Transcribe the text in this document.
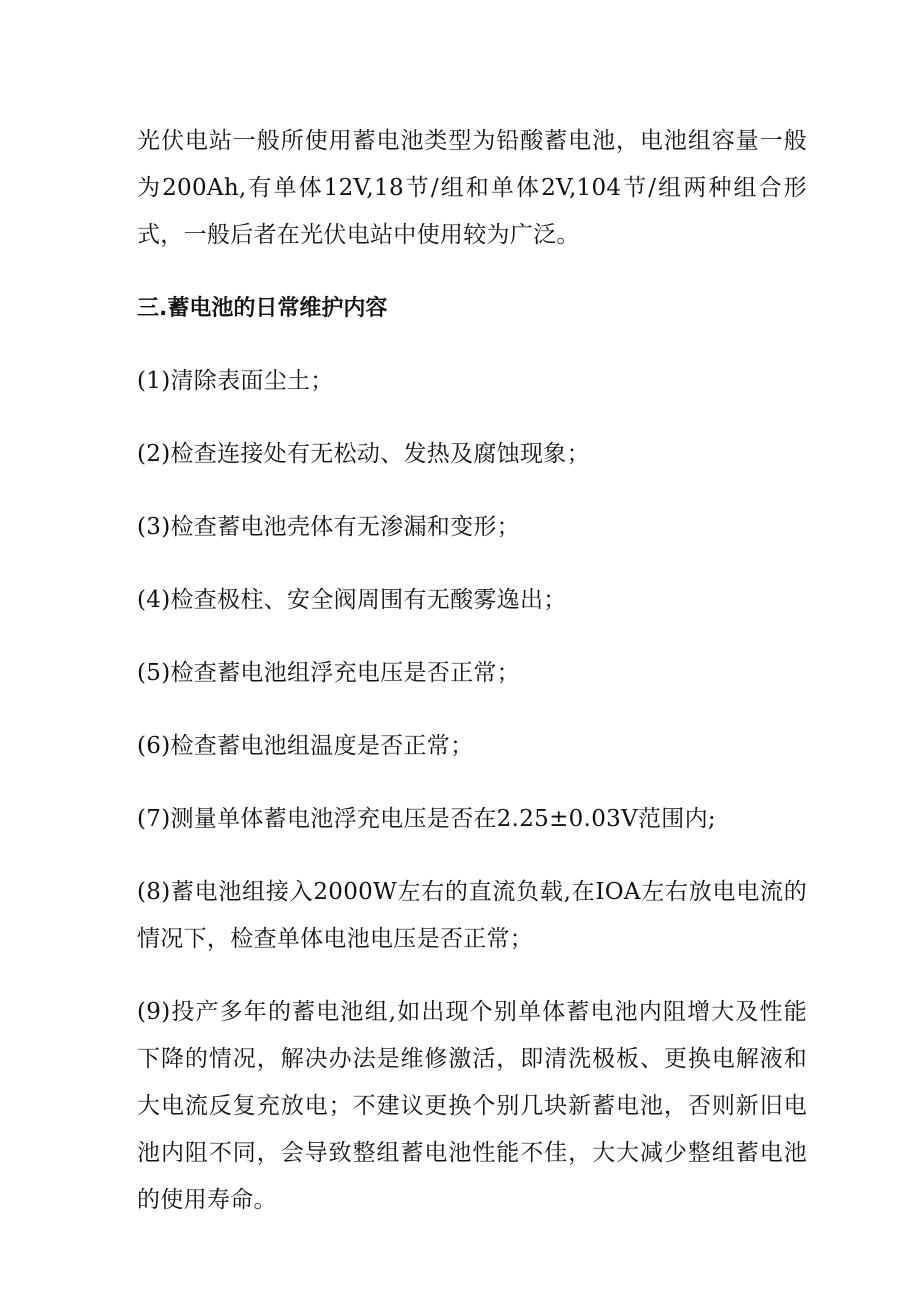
光伏电站一般所使用蓄电池类型为铅酸蓄电池，电池组容量一般为200Ah,有单体12V,18节/组和单体2V,104节/组两种组合形式，一般后者在光伏电站中使用较为广泛。

三.蓄电池的日常维护内容

(1)清除表面尘土；

(2)检查连接处有无松动、发热及腐蚀现象；

(3)检查蓄电池壳体有无渗漏和变形；

(4)检查极柱、安全阀周围有无酸雾逸出；

(5)检查蓄电池组浮充电压是否正常；

(6)检查蓄电池组温度是否正常；

(7)测量单体蓄电池浮充电压是否在2.25±0.03V范围内;

(8)蓄电池组接入2000W左右的直流负载,在IOA左右放电电流的情况下，检查单体电池电压是否正常；

(9)投产多年的蓄电池组,如出现个别单体蓄电池内阻增大及性能下降的情况，解决办法是维修激活，即清洗极板、更换电解液和大电流反复充放电；不建议更换个别几块新蓄电池，否则新旧电池内阻不同，会导致整组蓄电池性能不佳，大大减少整组蓄电池的使用寿命。
